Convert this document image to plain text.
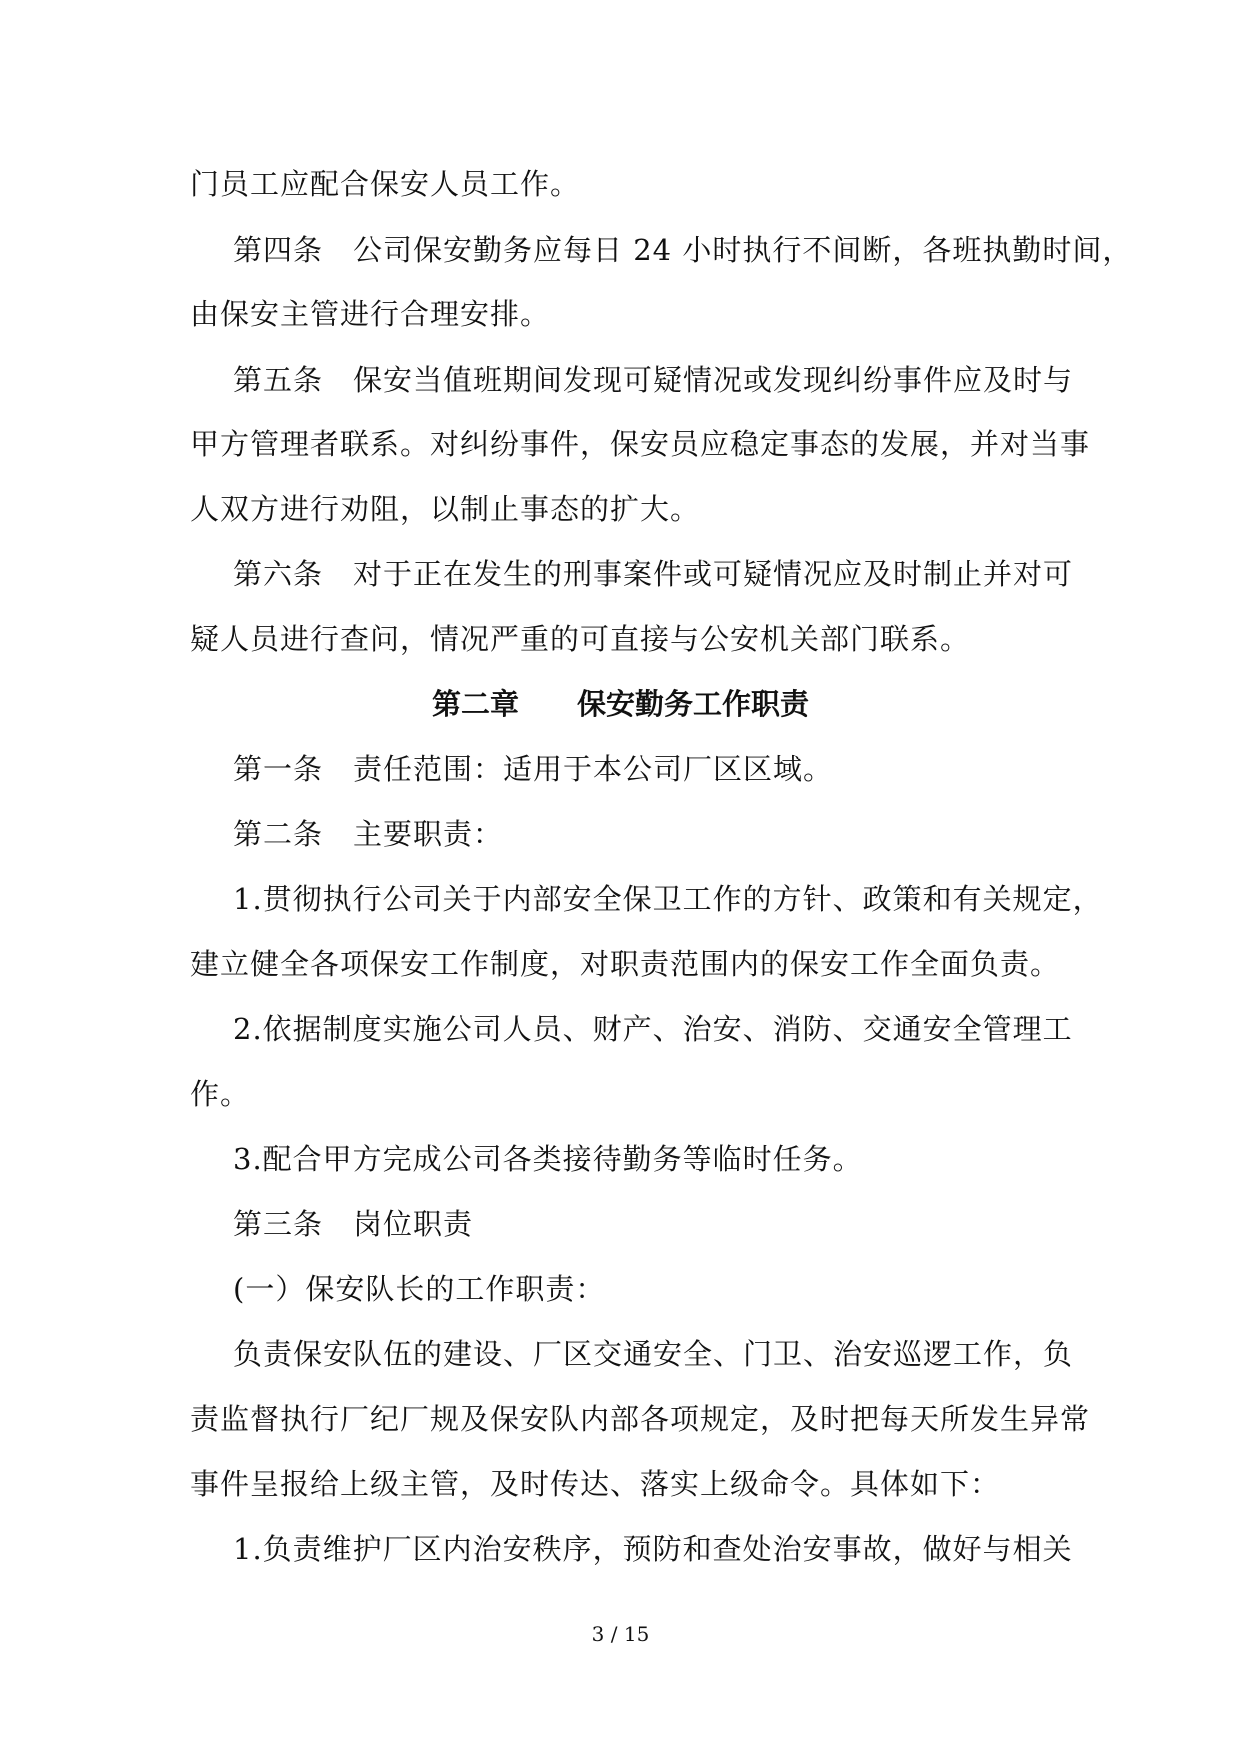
门员工应配合保安人员工作。
第四条　公司保安勤务应每日 24 小时执行不间断，各班执勤时间，
由保安主管进行合理安排。
第五条　保安当值班期间发现可疑情况或发现纠纷事件应及时与
甲方管理者联系。对纠纷事件，保安员应稳定事态的发展，并对当事
人双方进行劝阻，以制止事态的扩大。
第六条　对于正在发生的刑事案件或可疑情况应及时制止并对可
疑人员进行查问，情况严重的可直接与公安机关部门联系。
第二章　　保安勤务工作职责
第一条　责任范围：适用于本公司厂区区域。
第二条　主要职责：
1.贯彻执行公司关于内部安全保卫工作的方针、政策和有关规定，
建立健全各项保安工作制度，对职责范围内的保安工作全面负责。
2.依据制度实施公司人员、财产、治安、消防、交通安全管理工
作。
3.配合甲方完成公司各类接待勤务等临时任务。
第三条　岗位职责
(一）保安队长的工作职责：
负责保安队伍的建设、厂区交通安全、门卫、治安巡逻工作，负
责监督执行厂纪厂规及保安队内部各项规定，及时把每天所发生异常
事件呈报给上级主管，及时传达、落实上级命令。具体如下：
1.负责维护厂区内治安秩序，预防和查处治安事故，做好与相关
3 / 15
